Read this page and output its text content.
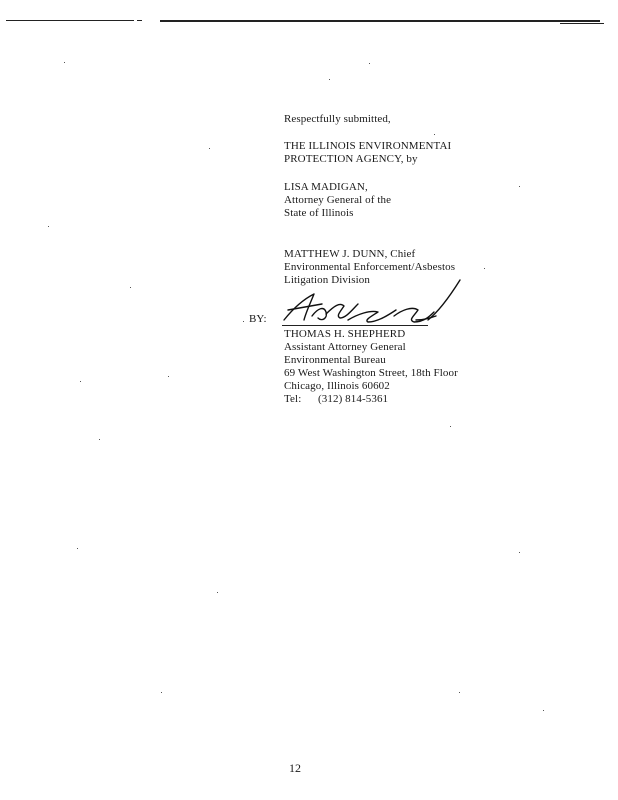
Respectfully submitted,
THE ILLINOIS ENVIRONMENTAI
PROTECTION AGENCY, by
LISA MADIGAN,
Attorney General of the
State of Illinois
MATTHEW J. DUNN, Chief
Environmental Enforcement/Asbestos
Litigation Division
BY:
THOMAS H. SHEPHERD
Assistant Attorney General
Environmental Bureau
69 West Washington Street, 18th Floor
Chicago, Illinois 60602
Tel: (312) 814-5361
12
